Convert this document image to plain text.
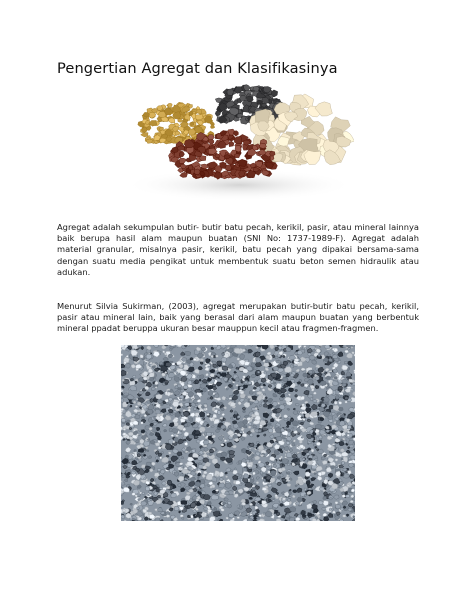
Pengertian Agregat dan Klasifikasinya

Agregat adalah sekumpulan butir- butir batu pecah, kerikil, pasir, atau mineral lainnya baik berupa hasil alam maupun buatan (SNI No: 1737-1989-F). Agregat adalah material granular, misalnya pasir, kerikil, batu pecah yang dipakai bersama-sama dengan suatu media pengikat untuk membentuk suatu beton semen hidraulik atau adukan.

Menurut Silvia Sukirman, (2003), agregat merupakan butir-butir batu pecah, kerikil, pasir atau mineral lain, baik yang berasal dari alam maupun buatan yang berbentuk mineral ppadat beruppa ukuran besar mauppun kecil atau fragmen-fragmen.
